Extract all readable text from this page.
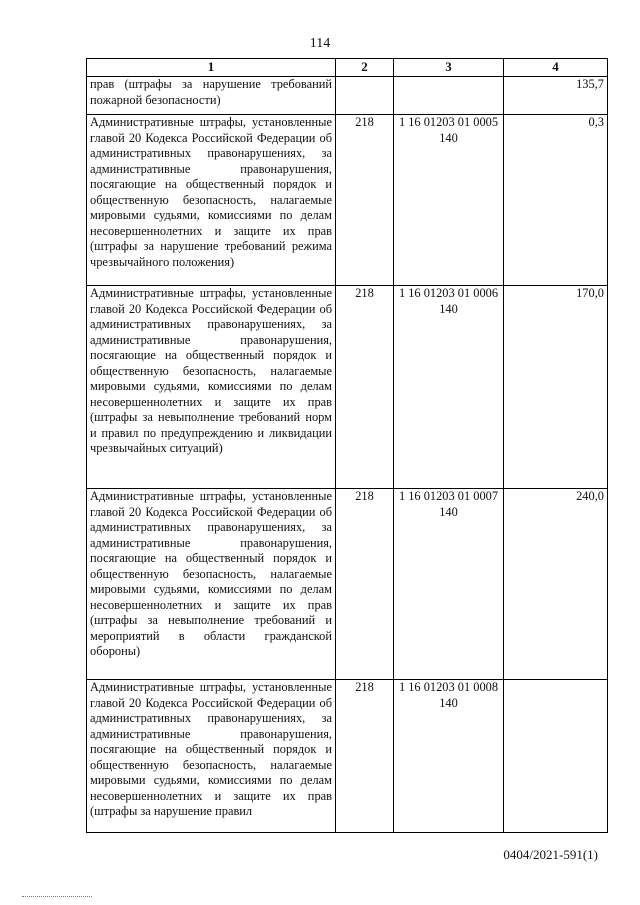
114
1	2	3	4
прав (штрафы за нарушение требований пожарной безопасности)			135,7
Административные штрафы, установленные главой 20 Кодекса Российской Федерации об административных правонарушениях, за административные правонарушения, посягающие на общественный порядок и общественную безопасность, налагаемые мировыми судьями, комиссиями по делам несовершеннолетних и защите их прав (штрафы за нарушение требований режима чрезвычайного положения)	218	1 16 01203 01 0005 140	0,3
Административные штрафы, установленные главой 20 Кодекса Российской Федерации об административных правонарушениях, за административные правонарушения, посягающие на общественный порядок и общественную безопасность, налагаемые мировыми судьями, комиссиями по делам несовершеннолетних и защите их прав (штрафы за невыполнение требований норм и правил по предупреждению и ликвидации чрезвычайных ситуаций)	218	1 16 01203 01 0006 140	170,0
Административные штрафы, установленные главой 20 Кодекса Российской Федерации об административных правонарушениях, за административные правонарушения, посягающие на общественный порядок и общественную безопасность, налагаемые мировыми судьями, комиссиями по делам несовершеннолетних и защите их прав (штрафы за невыполнение требований и мероприятий в области гражданской обороны)	218	1 16 01203 01 0007 140	240,0
Административные штрафы, установленные главой 20 Кодекса Российской Федерации об административных правонарушениях, за административные правонарушения, посягающие на общественный порядок и общественную безопасность, налагаемые мировыми судьями, комиссиями по делам несовершеннолетних и защите их прав (штрафы за нарушение правил	218	1 16 01203 01 0008 140	
0404/2021-591(1)
